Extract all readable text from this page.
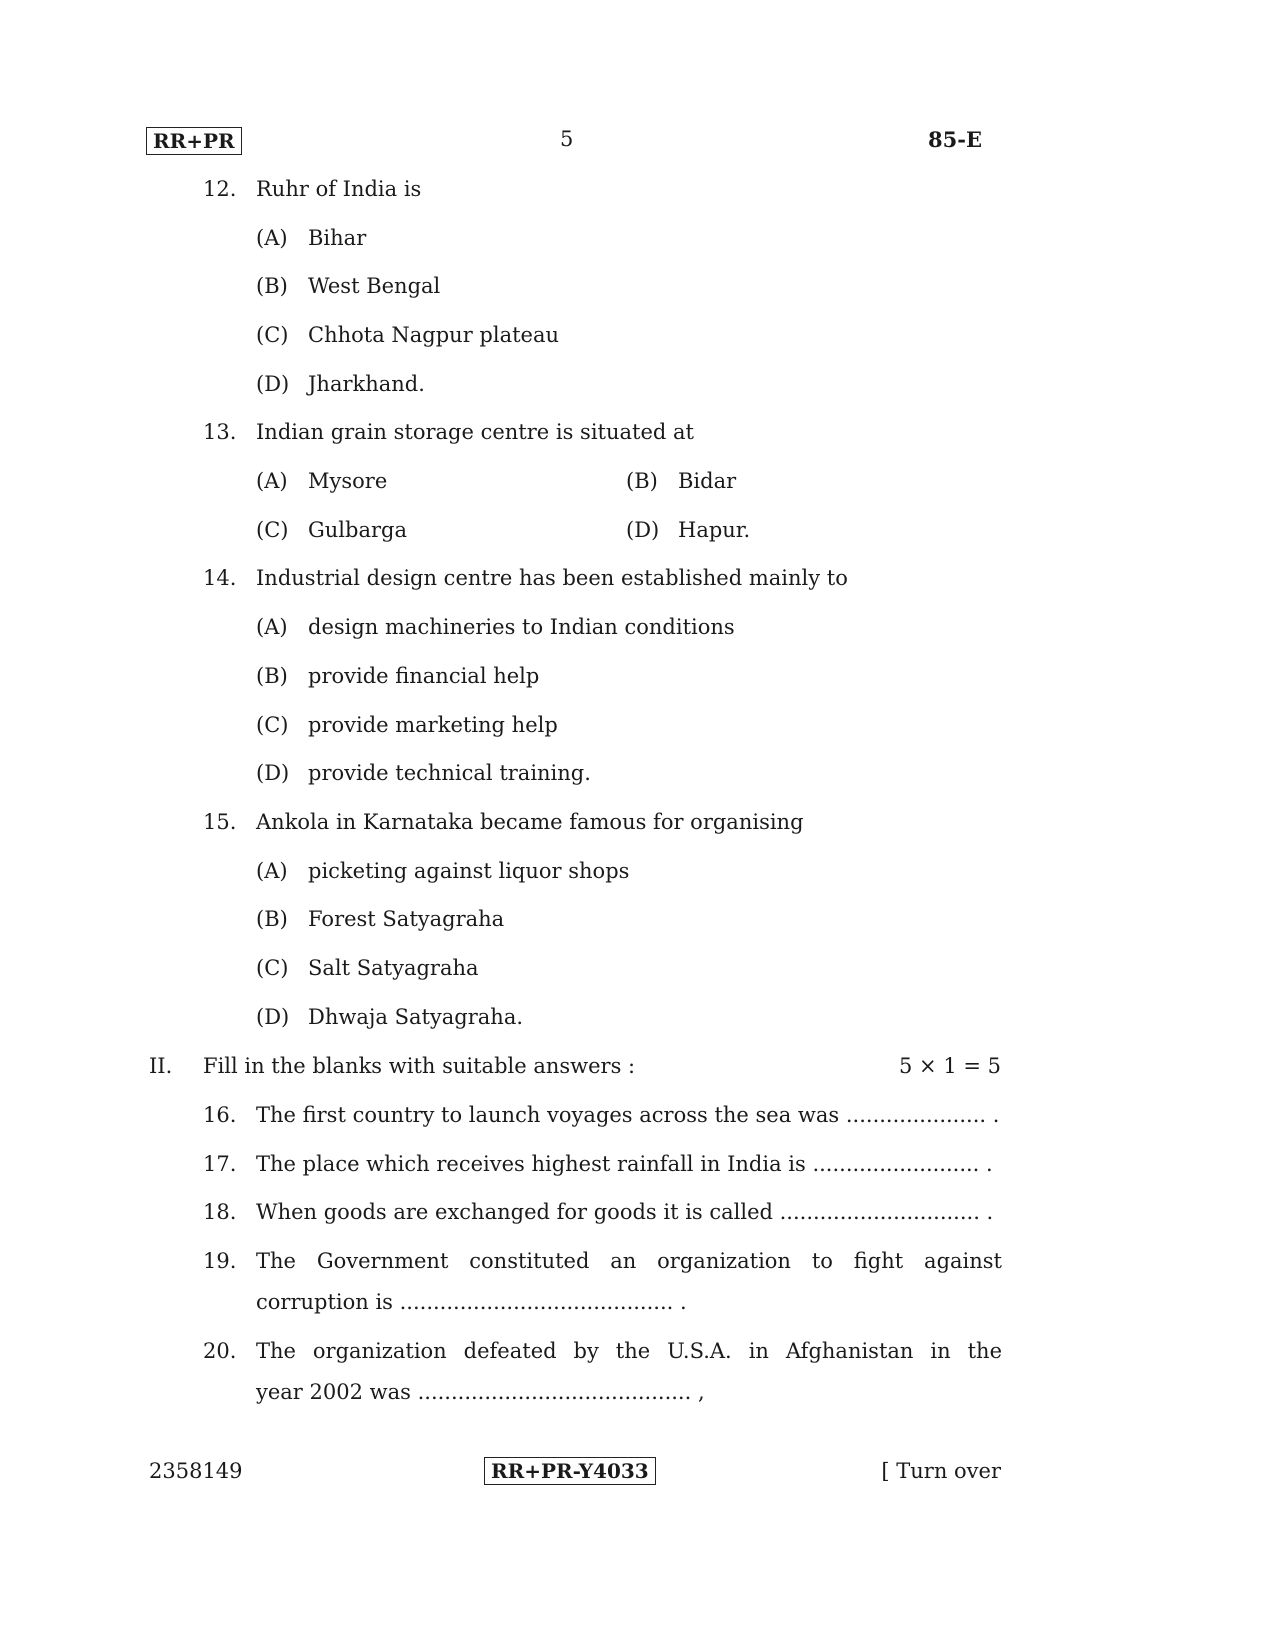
RR+PR	5	85-E
12. Ruhr of India is
(A) Bihar
(B) West Bengal
(C) Chhota Nagpur plateau
(D) Jharkhand.
13. Indian grain storage centre is situated at
(A) Mysore	(B) Bidar
(C) Gulbarga	(D) Hapur.
14. Industrial design centre has been established mainly to
(A) design machineries to Indian conditions
(B) provide financial help
(C) provide marketing help
(D) provide technical training.
15. Ankola in Karnataka became famous for organising
(A) picketing against liquor shops
(B) Forest Satyagraha
(C) Salt Satyagraha
(D) Dhwaja Satyagraha.
II. Fill in the blanks with suitable answers :	5 × 1 = 5
16. The first country to launch voyages across the sea was ..................... .
17. The place which receives highest rainfall in India is ......................... .
18. When goods are exchanged for goods it is called .............................. .
19. The Government constituted an organization to fight against
corruption is ......................................... .
20. The organization defeated by the U.S.A. in Afghanistan in the
year 2002 was ......................................... ,
2358149	RR+PR-Y4033	[ Turn over
